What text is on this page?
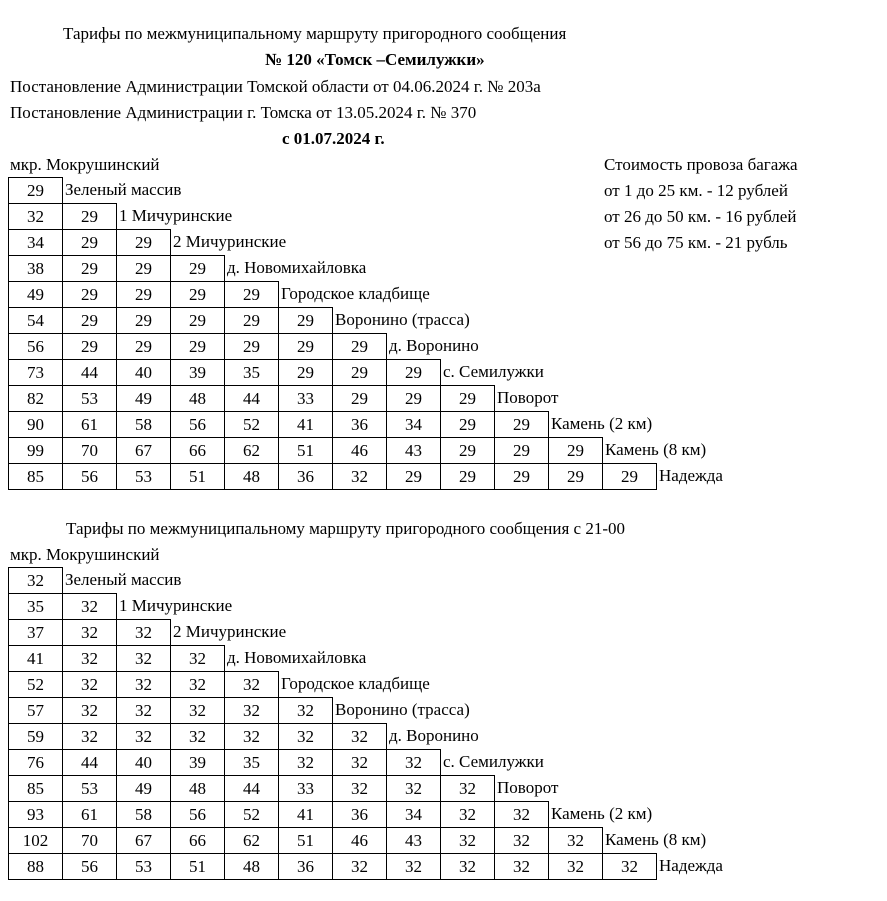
Тарифы по межмуниципальному маршруту пригородного сообщения
№ 120 «Томск –Семилужки»
Постановление Администрации Томской области от 04.06.2024 г. № 203а
Постановление Администрации г. Томска от 13.05.2024 г. № 370
с 01.07.2024 г.
мкр. Мокрушинский	Стоимость провоза багажа
от 1 до 25 км. - 12 рублей
от 26 до 50 км. - 16 рублей
от 56 до 75 км. - 21 рубль
29	Зеленый массив
32	29	1 Мичуринские
34	29	29	2 Мичуринские
38	29	29	29	д. Новомихайловка
49	29	29	29	29	Городское кладбище
54	29	29	29	29	29	Воронино (трасса)
56	29	29	29	29	29	29	д. Воронино
73	44	40	39	35	29	29	29	с. Семилужки
82	53	49	48	44	33	29	29	29	Поворот
90	61	58	56	52	41	36	34	29	29	Камень (2 км)
99	70	67	66	62	51	46	43	29	29	29	Камень (8 км)
85	56	53	51	48	36	32	29	29	29	29	29	Надежда
Тарифы по межмуниципальному маршруту пригородного сообщения с 21-00
мкр. Мокрушинский
32	Зеленый массив
35	32	1 Мичуринские
37	32	32	2 Мичуринские
41	32	32	32	д. Новомихайловка
52	32	32	32	32	Городское кладбище
57	32	32	32	32	32	Воронино (трасса)
59	32	32	32	32	32	32	д. Воронино
76	44	40	39	35	32	32	32	с. Семилужки
85	53	49	48	44	33	32	32	32	Поворот
93	61	58	56	52	41	36	34	32	32	Камень (2 км)
102	70	67	66	62	51	46	43	32	32	32	Камень (8 км)
88	56	53	51	48	36	32	32	32	32	32	32	Надежда
